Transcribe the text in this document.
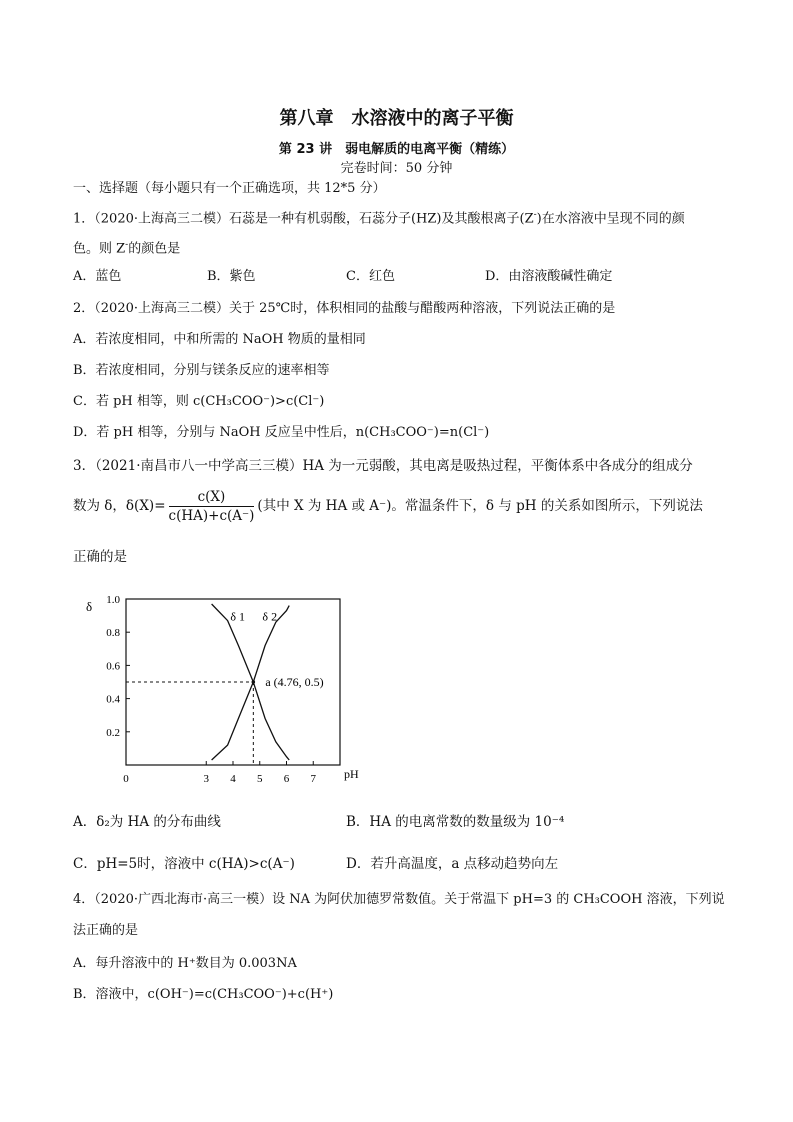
第八章　水溶液中的离子平衡
第 23 讲　弱电解质的电离平衡（精练）
完卷时间：50 分钟
一、选择题（每小题只有一个正确选项，共 12*5 分）
1．（2020·上海高三二模）石蕊是一种有机弱酸，石蕊分子(HZ)及其酸根离子(Z-)在水溶液中呈现不同的颜
色。则 Z-的颜色是
A．蓝色	B．紫色	C．红色	D．由溶液酸碱性确定
2．（2020·上海高三二模）关于 25℃时，体积相同的盐酸与醋酸两种溶液，下列说法正确的是
A．若浓度相同，中和所需的 NaOH 物质的量相同
B．若浓度相同，分别与镁条反应的速率相等
C．若 pH 相等，则 c(CH₃COO⁻)>c(Cl⁻)
D．若 pH 相等，分别与 NaOH 反应呈中性后，n(CH₃COO⁻)=n(Cl⁻)
3．（2021·南昌市八一中学高三三模）HA 为一元弱酸，其电离是吸热过程，平衡体系中各成分的组成分
数为 δ，$\delta(X)= \frac{c(X)}{c(HA)+c(A^-)}$ (其中 X 为 HA 或 A⁻)。常温条件下，δ 与 pH 的关系如图所示，下列说法
正确的是
0.2
0.4
0.6
0.8
1.0
0	3 4 5 6 7
δ
pH
δ 1 δ 2
a (4.76, 0.5)
A．δ₂为 HA 的分布曲线	B．HA 的电离常数的数量级为 10⁻⁴
C．pH=5时，溶液中 c(HA)>c(A⁻)	D．若升高温度，a 点移动趋势向左
4．（2020·广西北海市·高三一模）设 NA 为阿伏加德罗常数值。关于常温下 pH=3 的 CH₃COOH 溶液，下列说
法正确的是
A．每升溶液中的 H⁺数目为 0.003NA
B．溶液中，c(OH⁻)=c(CH₃COO⁻)+c(H⁺)
